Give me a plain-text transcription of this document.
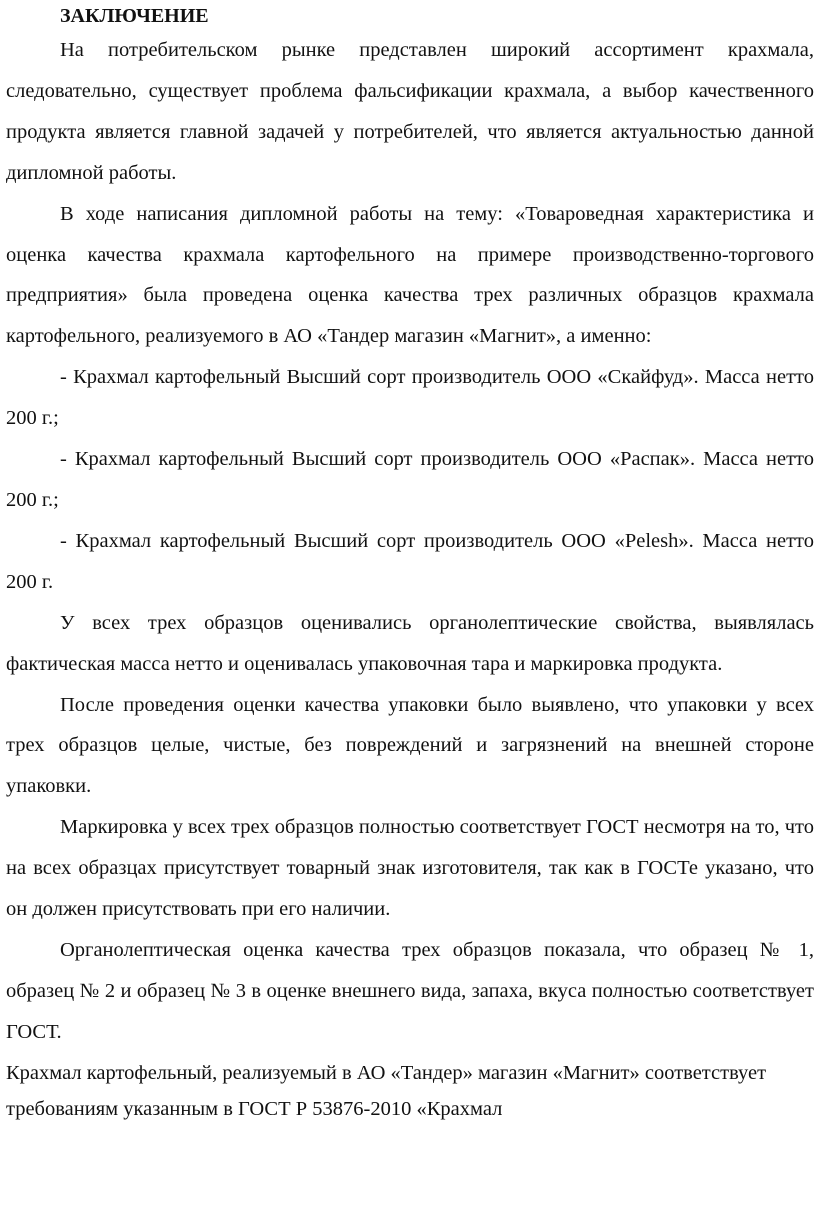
ЗАКЛЮЧЕНИЕ

На потребительском рынке представлен широкий ассортимент крахмала, следовательно, существует проблема фальсификации крахмала, а выбор качественного продукта является главной задачей у потребителей, что является актуальностью данной дипломной работы.

В ходе написания дипломной работы на тему: «Товароведная характеристика и оценка качества крахмала картофельного на примере производственно-торгового предприятия» была проведена оценка качества трех различных образцов крахмала картофельного, реализуемого в АО «Тандер магазин «Магнит», а именно:

- Крахмал картофельный Высший сорт производитель ООО «Скайфуд». Масса нетто 200 г.;

- Крахмал картофельный Высший сорт производитель ООО «Распак». Масса нетто 200 г.;

- Крахмал картофельный Высший сорт производитель ООО «Pelesh». Масса нетто 200 г.

У всех трех образцов оценивались органолептические свойства, выявлялась фактическая масса нетто и оценивалась упаковочная тара и маркировка продукта.

После проведения оценки качества упаковки было выявлено, что упаковки у всех трех образцов целые, чистые, без повреждений и загрязнений на внешней стороне упаковки.

Маркировка у всех трех образцов полностью соответствует ГОСТ несмотря на то, что на всех образцах присутствует товарный знак изготовителя, так как в ГОСТе указано, что он должен присутствовать при его наличии.

Органолептическая оценка качества трех образцов показала, что образец № 1, образец № 2 и образец № 3 в оценке внешнего вида, запаха, вкуса полностью соответствует ГОСТ.

Крахмал картофельный, реализуемый в АО «Тандер» магазин «Магнит» соответствует требованиям указанным в ГОСТ Р 53876-2010 «Крахмал
